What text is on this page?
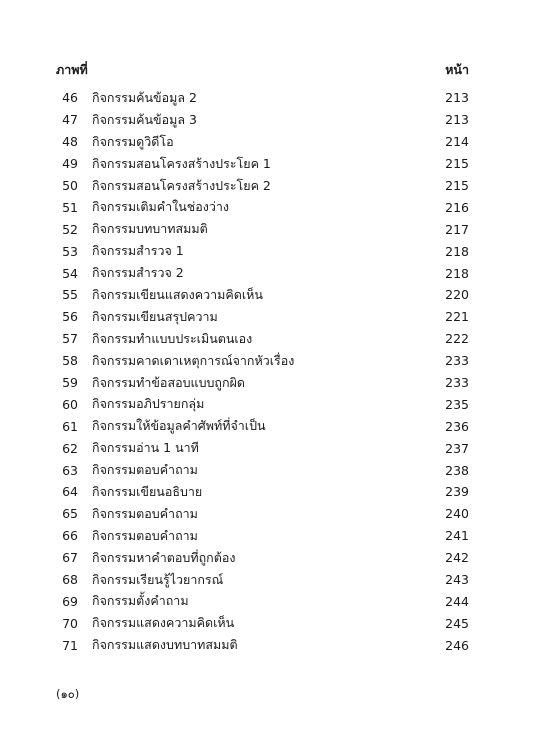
ภาพที่	หน้า
46	กิจกรรมค้นข้อมูล 2	213
47	กิจกรรมค้นข้อมูล 3	213
48	กิจกรรมดูวิดีโอ	214
49	กิจกรรมสอนโครงสร้างประโยค 1	215
50	กิจกรรมสอนโครงสร้างประโยค 2	215
51	กิจกรรมเติมคำในช่องว่าง	216
52	กิจกรรมบทบาทสมมติ	217
53	กิจกรรมสำรวจ 1	218
54	กิจกรรมสำรวจ 2	218
55	กิจกรรมเขียนแสดงความคิดเห็น	220
56	กิจกรรมเขียนสรุปความ	221
57	กิจกรรมทำแบบประเมินตนเอง	222
58	กิจกรรมคาดเดาเหตุการณ์จากหัวเรื่อง	233
59	กิจกรรมทำข้อสอบแบบถูกผิด	233
60	กิจกรรมอภิปรายกลุ่ม	235
61	กิจกรรมให้ข้อมูลคำศัพท์ที่จำเป็น	236
62	กิจกรรมอ่าน 1 นาที	237
63	กิจกรรมตอบคำถาม	238
64	กิจกรรมเขียนอธิบาย	239
65	กิจกรรมตอบคำถาม	240
66	กิจกรรมตอบคำถาม	241
67	กิจกรรมหาคำตอบที่ถูกต้อง	242
68	กิจกรรมเรียนรู้ไวยากรณ์	243
69	กิจกรรมตั้งคำถาม	244
70	กิจกรรมแสดงความคิดเห็น	245
71	กิจกรรมแสดงบทบาทสมมติ	246
(๑๐)
